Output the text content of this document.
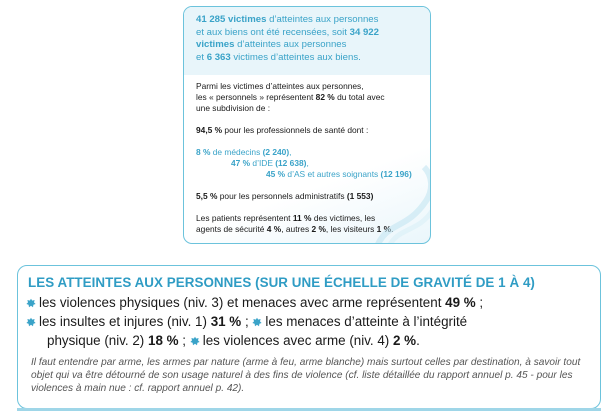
41 285 victimes d’atteintes aux personnes
et aux biens ont été recensées, soit 34 922
victimes d’atteintes aux personnes
et 6 363 victimes d’atteintes aux biens.

Parmi les victimes d’atteintes aux personnes,
les « personnels » représentent 82 % du total avec
une subdivision de :

94,5 % pour les professionnels de santé dont :

8 % de médecins (2 240),
47 % d’IDE (12 638),
45 % d’AS et autres soignants (12 196)

5,5 % pour les personnels administratifs (1 553)

Les patients représentent 11 % des victimes, les
agents de sécurité 4 %, autres 2 %, les visiteurs 1 %.

LES ATTEINTES AUX PERSONNES (SUR UNE ÉCHELLE DE GRAVITÉ DE 1 À 4)
les violences physiques (niv. 3) et menaces avec arme représentent 49 % ;
les insultes et injures (niv. 1) 31 % ; les menaces d’atteinte à l’intégrité
physique (niv. 2) 18 % ; les violences avec arme (niv. 4) 2 %.
Il faut entendre par arme, les armes par nature (arme à feu, arme blanche) mais surtout celles par destination, à savoir tout objet qui va être détourné de son usage naturel à des fins de violence (cf. liste détaillée du rapport annuel p. 45 - pour les violences à main nue : cf. rapport annuel p. 42).
